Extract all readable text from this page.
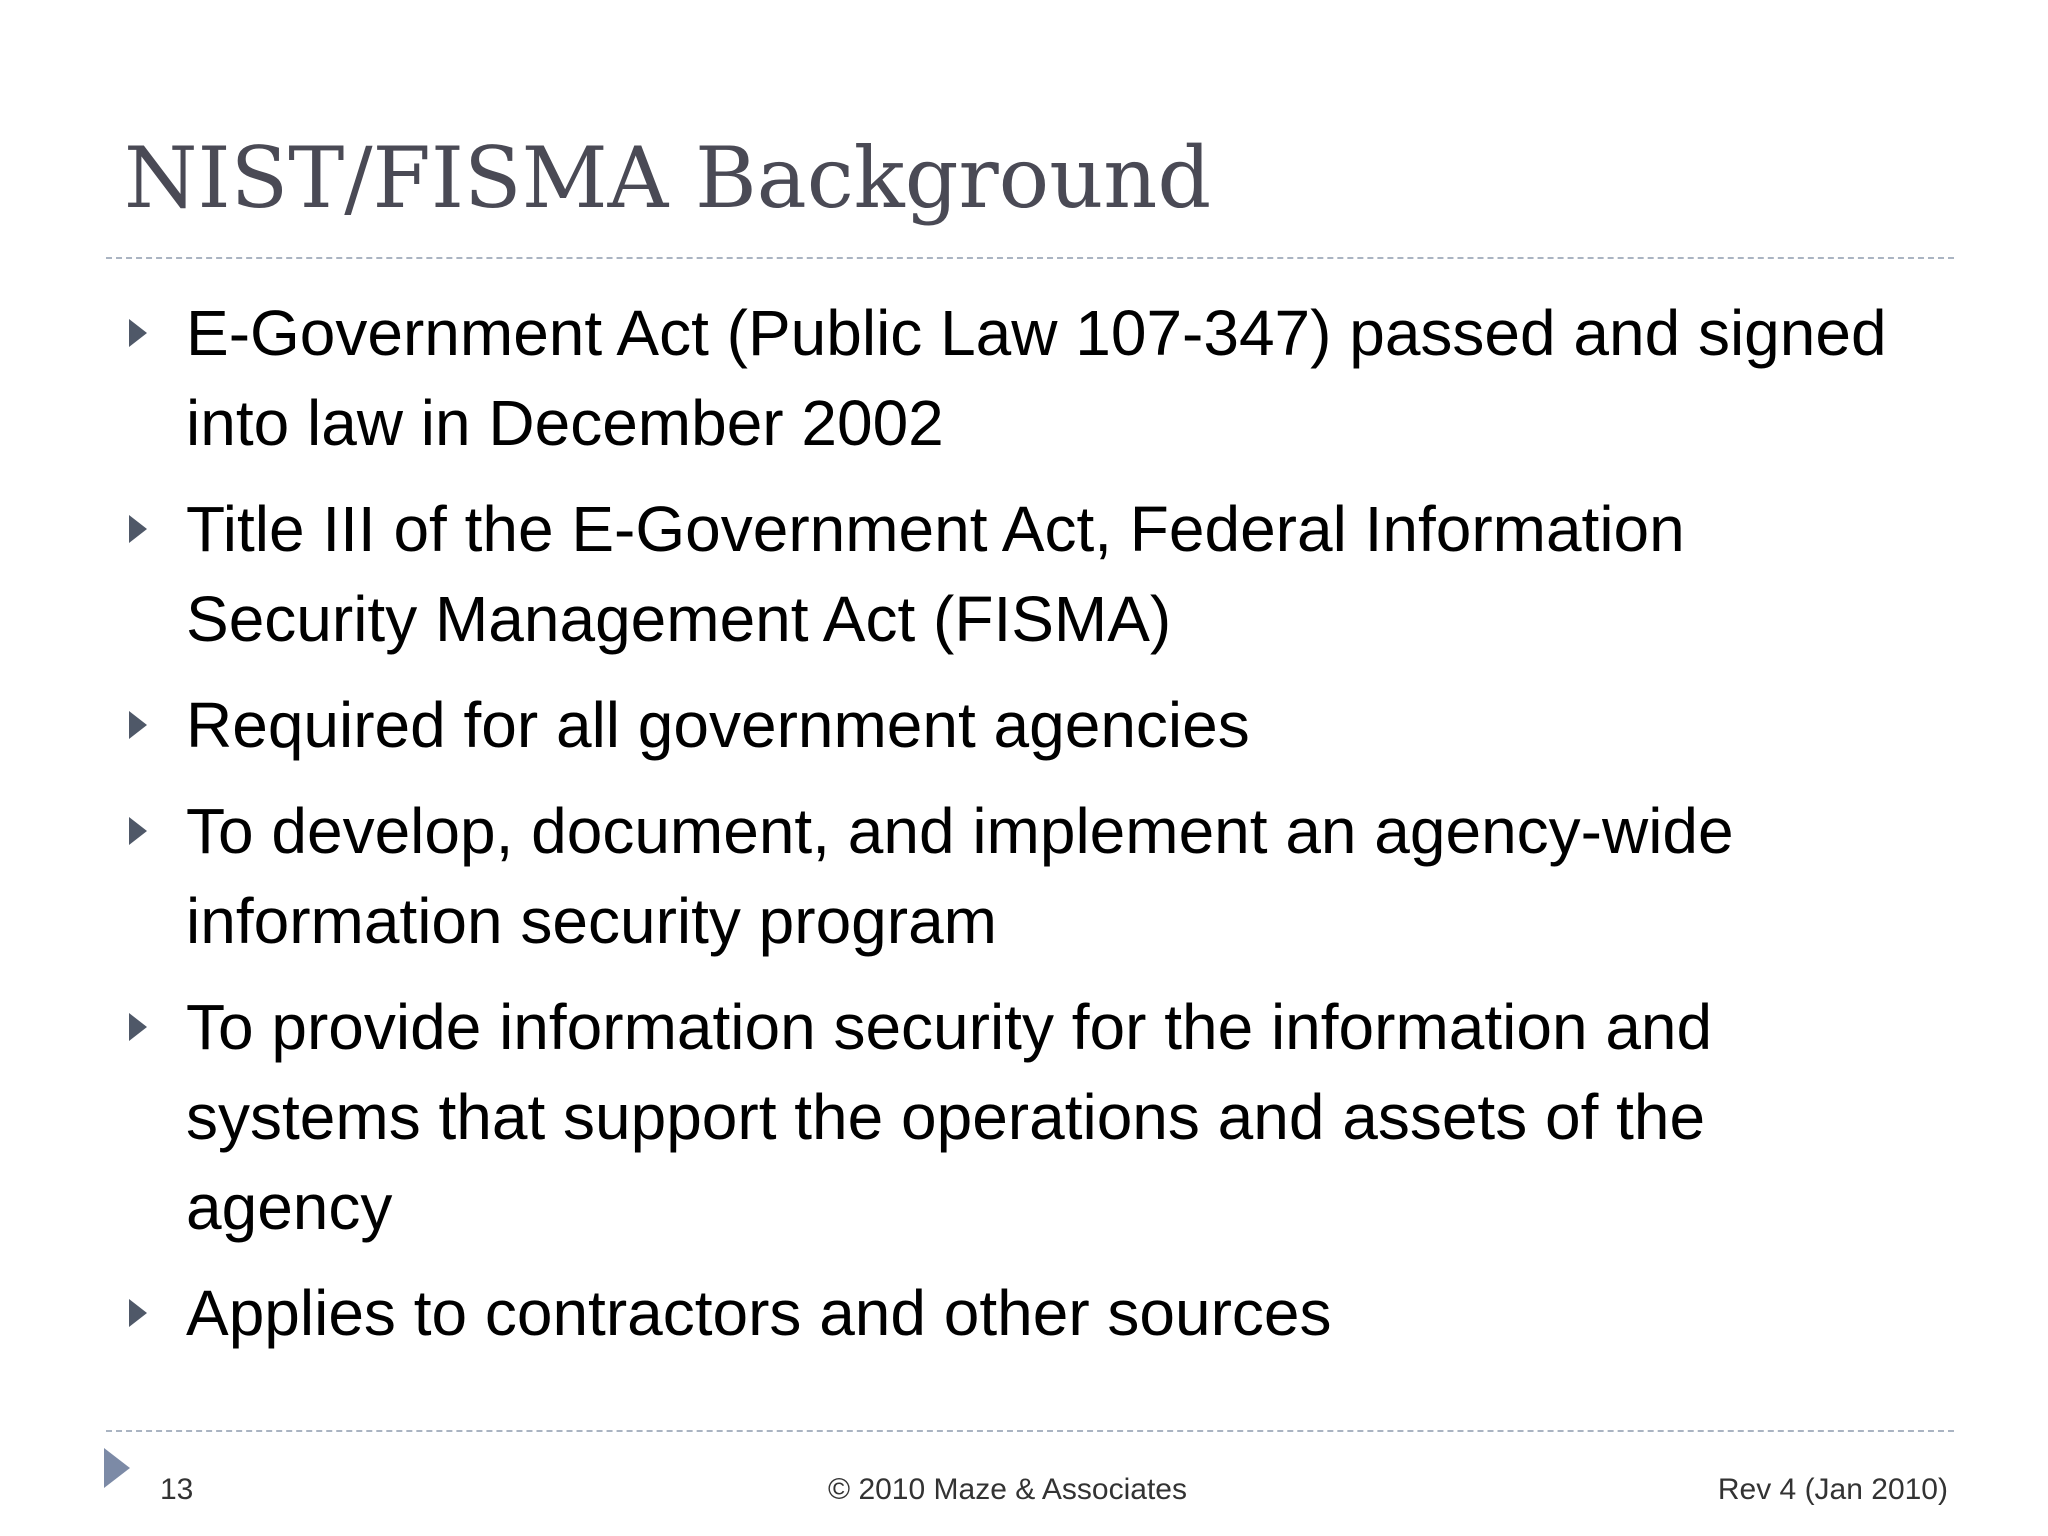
NIST/FISMA Background
E-Government Act (Public Law 107-347) passed and signed into law in December 2002
Title III of the E-Government Act, Federal Information Security Management Act (FISMA)
Required for all government agencies
To develop, document, and implement an agency-wide information security program
To provide information security for the information and systems that support the operations and assets of the agency
Applies to contractors and other sources
13	© 2010 Maze & Associates	Rev 4 (Jan 2010)
